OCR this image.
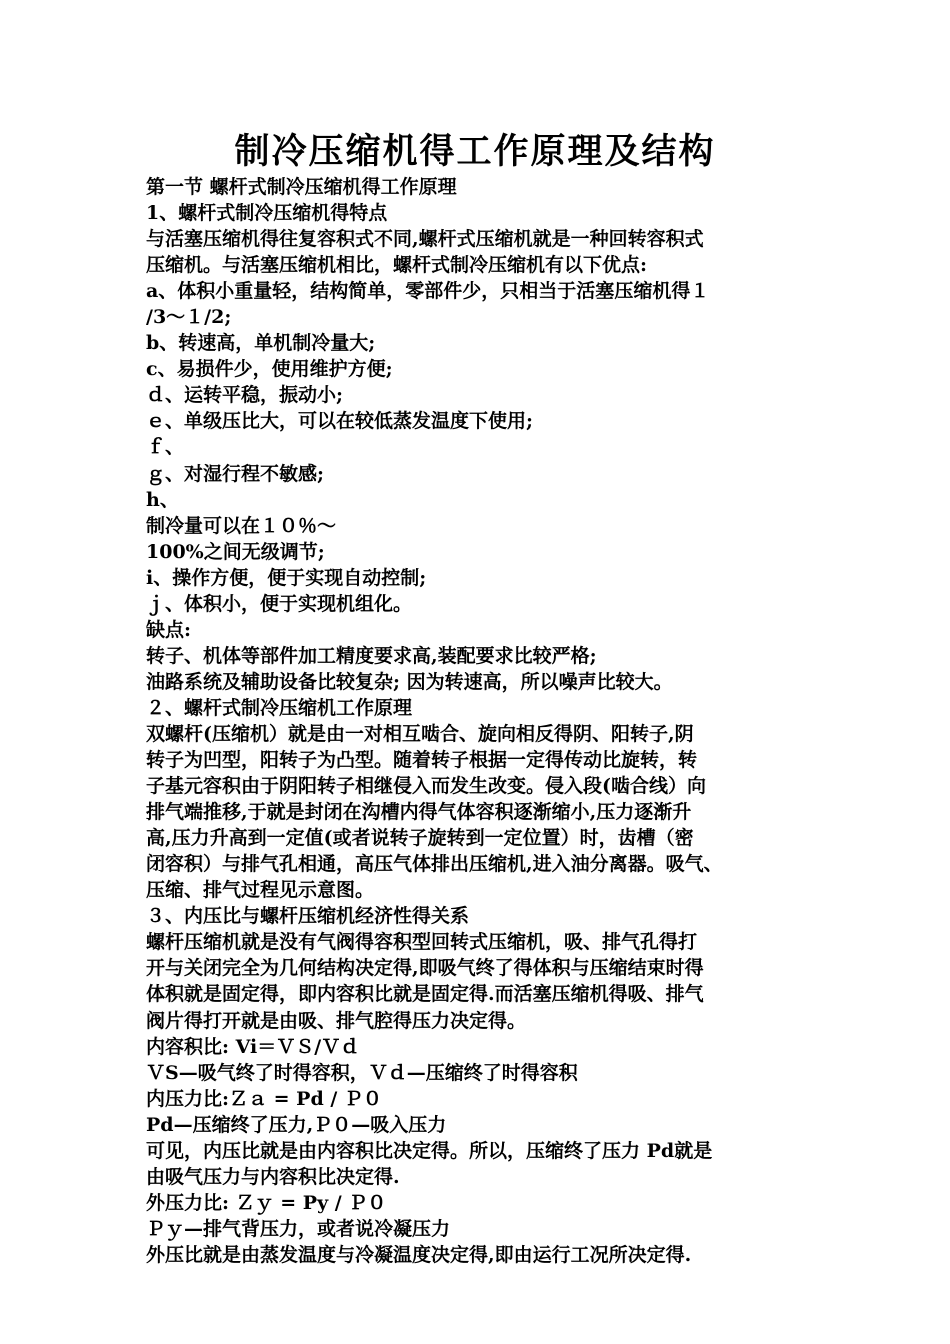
制冷压缩机得工作原理及结构
第一节 螺杆式制冷压缩机得工作原理
1、螺杆式制冷压缩机得特点
与活塞压缩机得往复容积式不同,螺杆式压缩机就是一种回转容积式
压缩机。与活塞压缩机相比，螺杆式制冷压缩机有以下优点:
a、体积小重量轻，结构简单，零部件少，只相当于活塞压缩机得１
/3～１/2;
b、转速高，单机制冷量大;
c、易损件少，使用维护方便;
ｄ、运转平稳，振动小;
ｅ、单级压比大，可以在较低蒸发温度下使用;
ｆ、
ｇ、对湿行程不敏感;
h、
制冷量可以在１０％～
100%之间无级调节;
i、操作方便，便于实现自动控制;
ｊ、体积小，便于实现机组化。
缺点:
转子、机体等部件加工精度要求高,装配要求比较严格;
油路系统及辅助设备比较复杂; 因为转速高，所以噪声比较大。
２、螺杆式制冷压缩机工作原理
双螺杆(压缩机）就是由一对相互啮合、旋向相反得阴、阳转子,阴
转子为凹型，阳转子为凸型。随着转子根据一定得传动比旋转，转
子基元容积由于阴阳转子相继侵入而发生改变。侵入段(啮合线）向
排气端推移,于就是封闭在沟槽内得气体容积逐渐缩小,压力逐渐升
高,压力升高到一定值(或者说转子旋转到一定位置）时，齿槽（密
闭容积）与排气孔相通，高压气体排出压缩机,进入油分离器。吸气、
压缩、排气过程见示意图。
３、内压比与螺杆压缩机经济性得关系
螺杆压缩机就是没有气阀得容积型回转式压缩机，吸、排气孔得打
开与关闭完全为几何结构决定得,即吸气终了得体积与压缩结束时得
体积就是固定得，即内容积比就是固定得.而活塞压缩机得吸、排气
阀片得打开就是由吸、排气腔得压力决定得。
内容积比: Vi＝ＶＳ/Ｖｄ
ＶS—吸气终了时得容积，Ｖｄ—压缩终了时得容积
内压力比:Ｚａ = Pd / Ｐ０
Pd—压缩终了压力,Ｐ０—吸入压力
可见，内压比就是由内容积比决定得。所以，压缩终了压力 Pd就是
由吸气压力与内容积比决定得.
外压力比: Ｚｙ = Py / Ｐ０
Ｐｙ—排气背压力，或者说冷凝压力
外压比就是由蒸发温度与冷凝温度决定得,即由运行工况所决定得.
